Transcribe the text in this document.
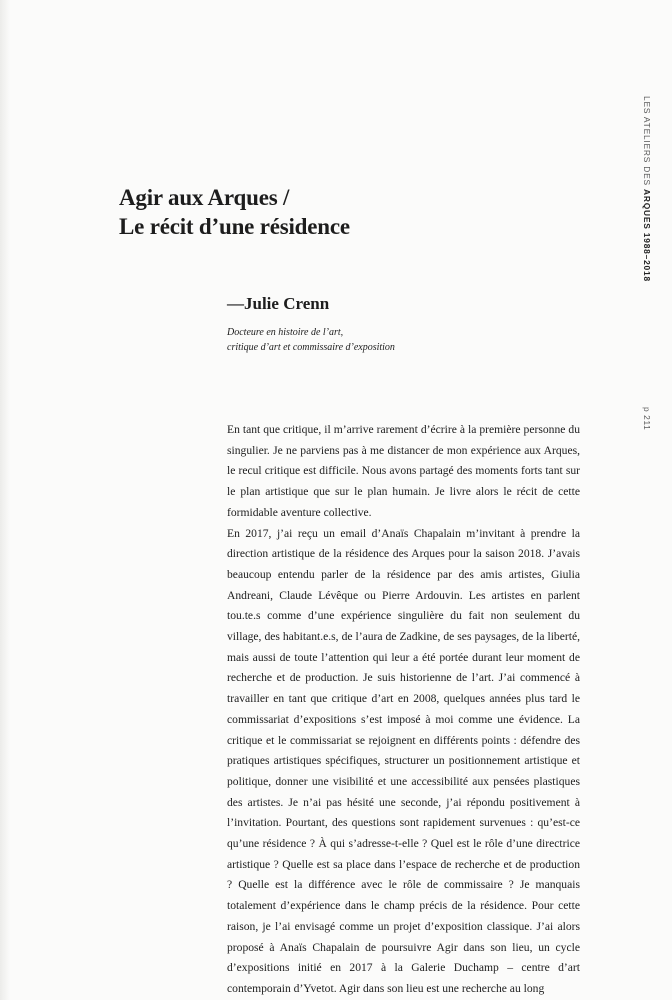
Agir aux Arques /
Le récit d’une résidence
—Julie Crenn
Docteure en histoire de l’art,
critique d’art et commissaire d’exposition

En tant que critique, il m’arrive rarement d’écrire à la première personne du singulier. Je ne parviens pas à me distancer de mon expérience aux Arques, le recul critique est difficile. Nous avons partagé des moments forts tant sur le plan artistique que sur le plan humain. Je livre alors le récit de cette formidable aventure collective.

En 2017, j’ai reçu un email d’Anaïs Chapalain m’invitant à prendre la direction artistique de la résidence des Arques pour la saison 2018. J’avais beaucoup entendu parler de la résidence par des amis artistes, Giulia Andreani, Claude Lévêque ou Pierre Ardouvin. Les artistes en parlent tou.te.s comme d’une expérience singulière du fait non seulement du village, des habitant.e.s, de l’aura de Zadkine, de ses paysages, de la liberté, mais aussi de toute l’attention qui leur a été portée durant leur moment de recherche et de production. Je suis historienne de l’art. J’ai commencé à travailler en tant que critique d’art en 2008, quelques années plus tard le commissariat d’expositions s’est imposé à moi comme une évidence. La critique et le commissariat se rejoignent en différents points : défendre des pratiques artistiques spécifiques, structurer un positionnement artistique et politique, donner une visibilité et une accessibilité aux pensées plastiques des artistes. Je n’ai pas hésité une seconde, j’ai répondu positivement à l’invitation. Pourtant, des questions sont rapidement survenues : qu’est-ce qu’une résidence ? À qui s’adresse-t-elle ? Quel est le rôle d’une directrice artistique ? Quelle est sa place dans l’espace de recherche et de production ? Quelle est la différence avec le rôle de commissaire ? Je manquais totalement d’expérience dans le champ précis de la résidence. Pour cette raison, je l’ai envisagé comme un projet d’exposition classique. J’ai alors proposé à Anaïs Chapalain de poursuivre Agir dans son lieu, un cycle d’expositions initié en 2017 à la Galerie Duchamp – centre d’art contemporain d’Yvetot. Agir dans son lieu est une recherche au long

LES ATELIERS DES ARQUES 1988–2018
p 211
